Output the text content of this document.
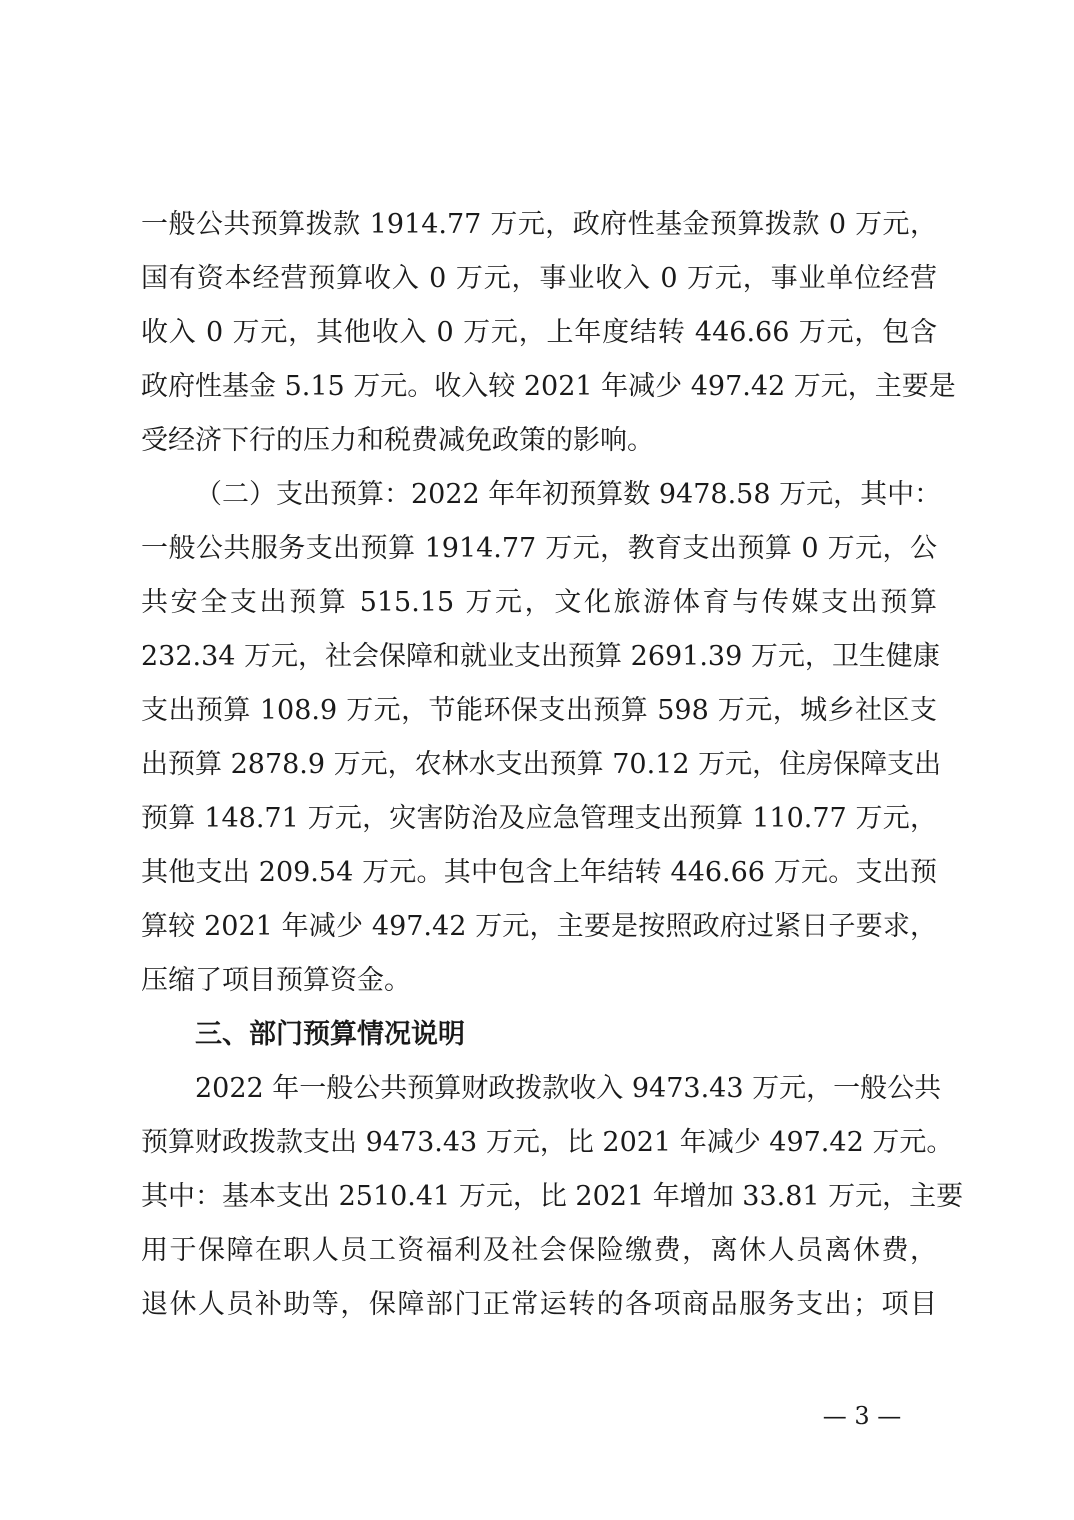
一般公共预算拨款 1914.77 万元，政府性基金预算拨款 0 万元，
国有资本经营预算收入 0 万元，事业收入 0 万元，事业单位经营
收入 0 万元，其他收入 0 万元，上年度结转 446.66 万元，包含
政府性基金 5.15 万元。收入较 2021 年减少 497.42 万元，主要是
受经济下行的压力和税费减免政策的影响。
（二）支出预算：2022 年年初预算数 9478.58 万元，其中：
一般公共服务支出预算 1914.77 万元，教育支出预算 0 万元，公
共安全支出预算 515.15 万元，文化旅游体育与传媒支出预算
232.34 万元，社会保障和就业支出预算 2691.39 万元，卫生健康
支出预算 108.9 万元，节能环保支出预算 598 万元，城乡社区支
出预算 2878.9 万元，农林水支出预算 70.12 万元，住房保障支出
预算 148.71 万元，灾害防治及应急管理支出预算 110.77 万元，
其他支出 209.54 万元。其中包含上年结转 446.66 万元。支出预
算较 2021 年减少 497.42 万元，主要是按照政府过紧日子要求，
压缩了项目预算资金。
三、部门预算情况说明
2022 年一般公共预算财政拨款收入 9473.43 万元，一般公共
预算财政拨款支出 9473.43 万元，比 2021 年减少 497.42 万元。
其中：基本支出 2510.41 万元，比 2021 年增加 33.81 万元，主要
用于保障在职人员工资福利及社会保险缴费，离休人员离休费，
退休人员补助等，保障部门正常运转的各项商品服务支出；项目
— 3 —
